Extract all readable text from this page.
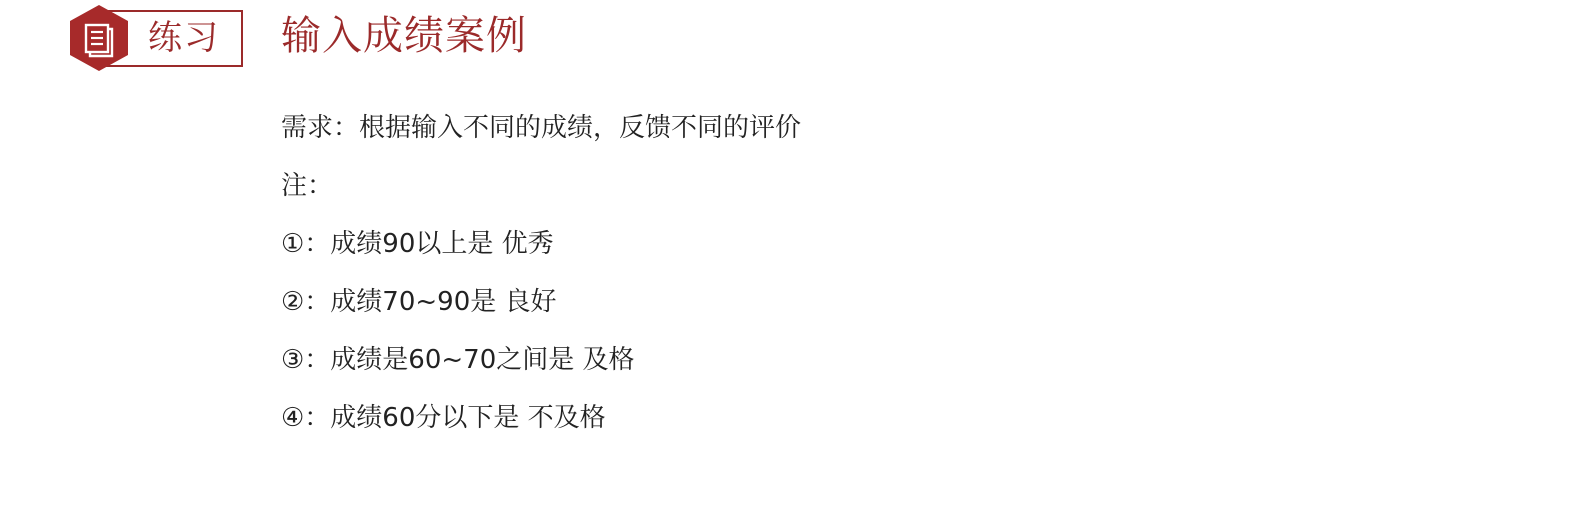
练习 输入成绩案例
需求：根据输入不同的成绩，反馈不同的评价
注：
①：成绩90以上是 优秀
②：成绩70~90是 良好
③：成绩是60~70之间是 及格
④：成绩60分以下是 不及格
